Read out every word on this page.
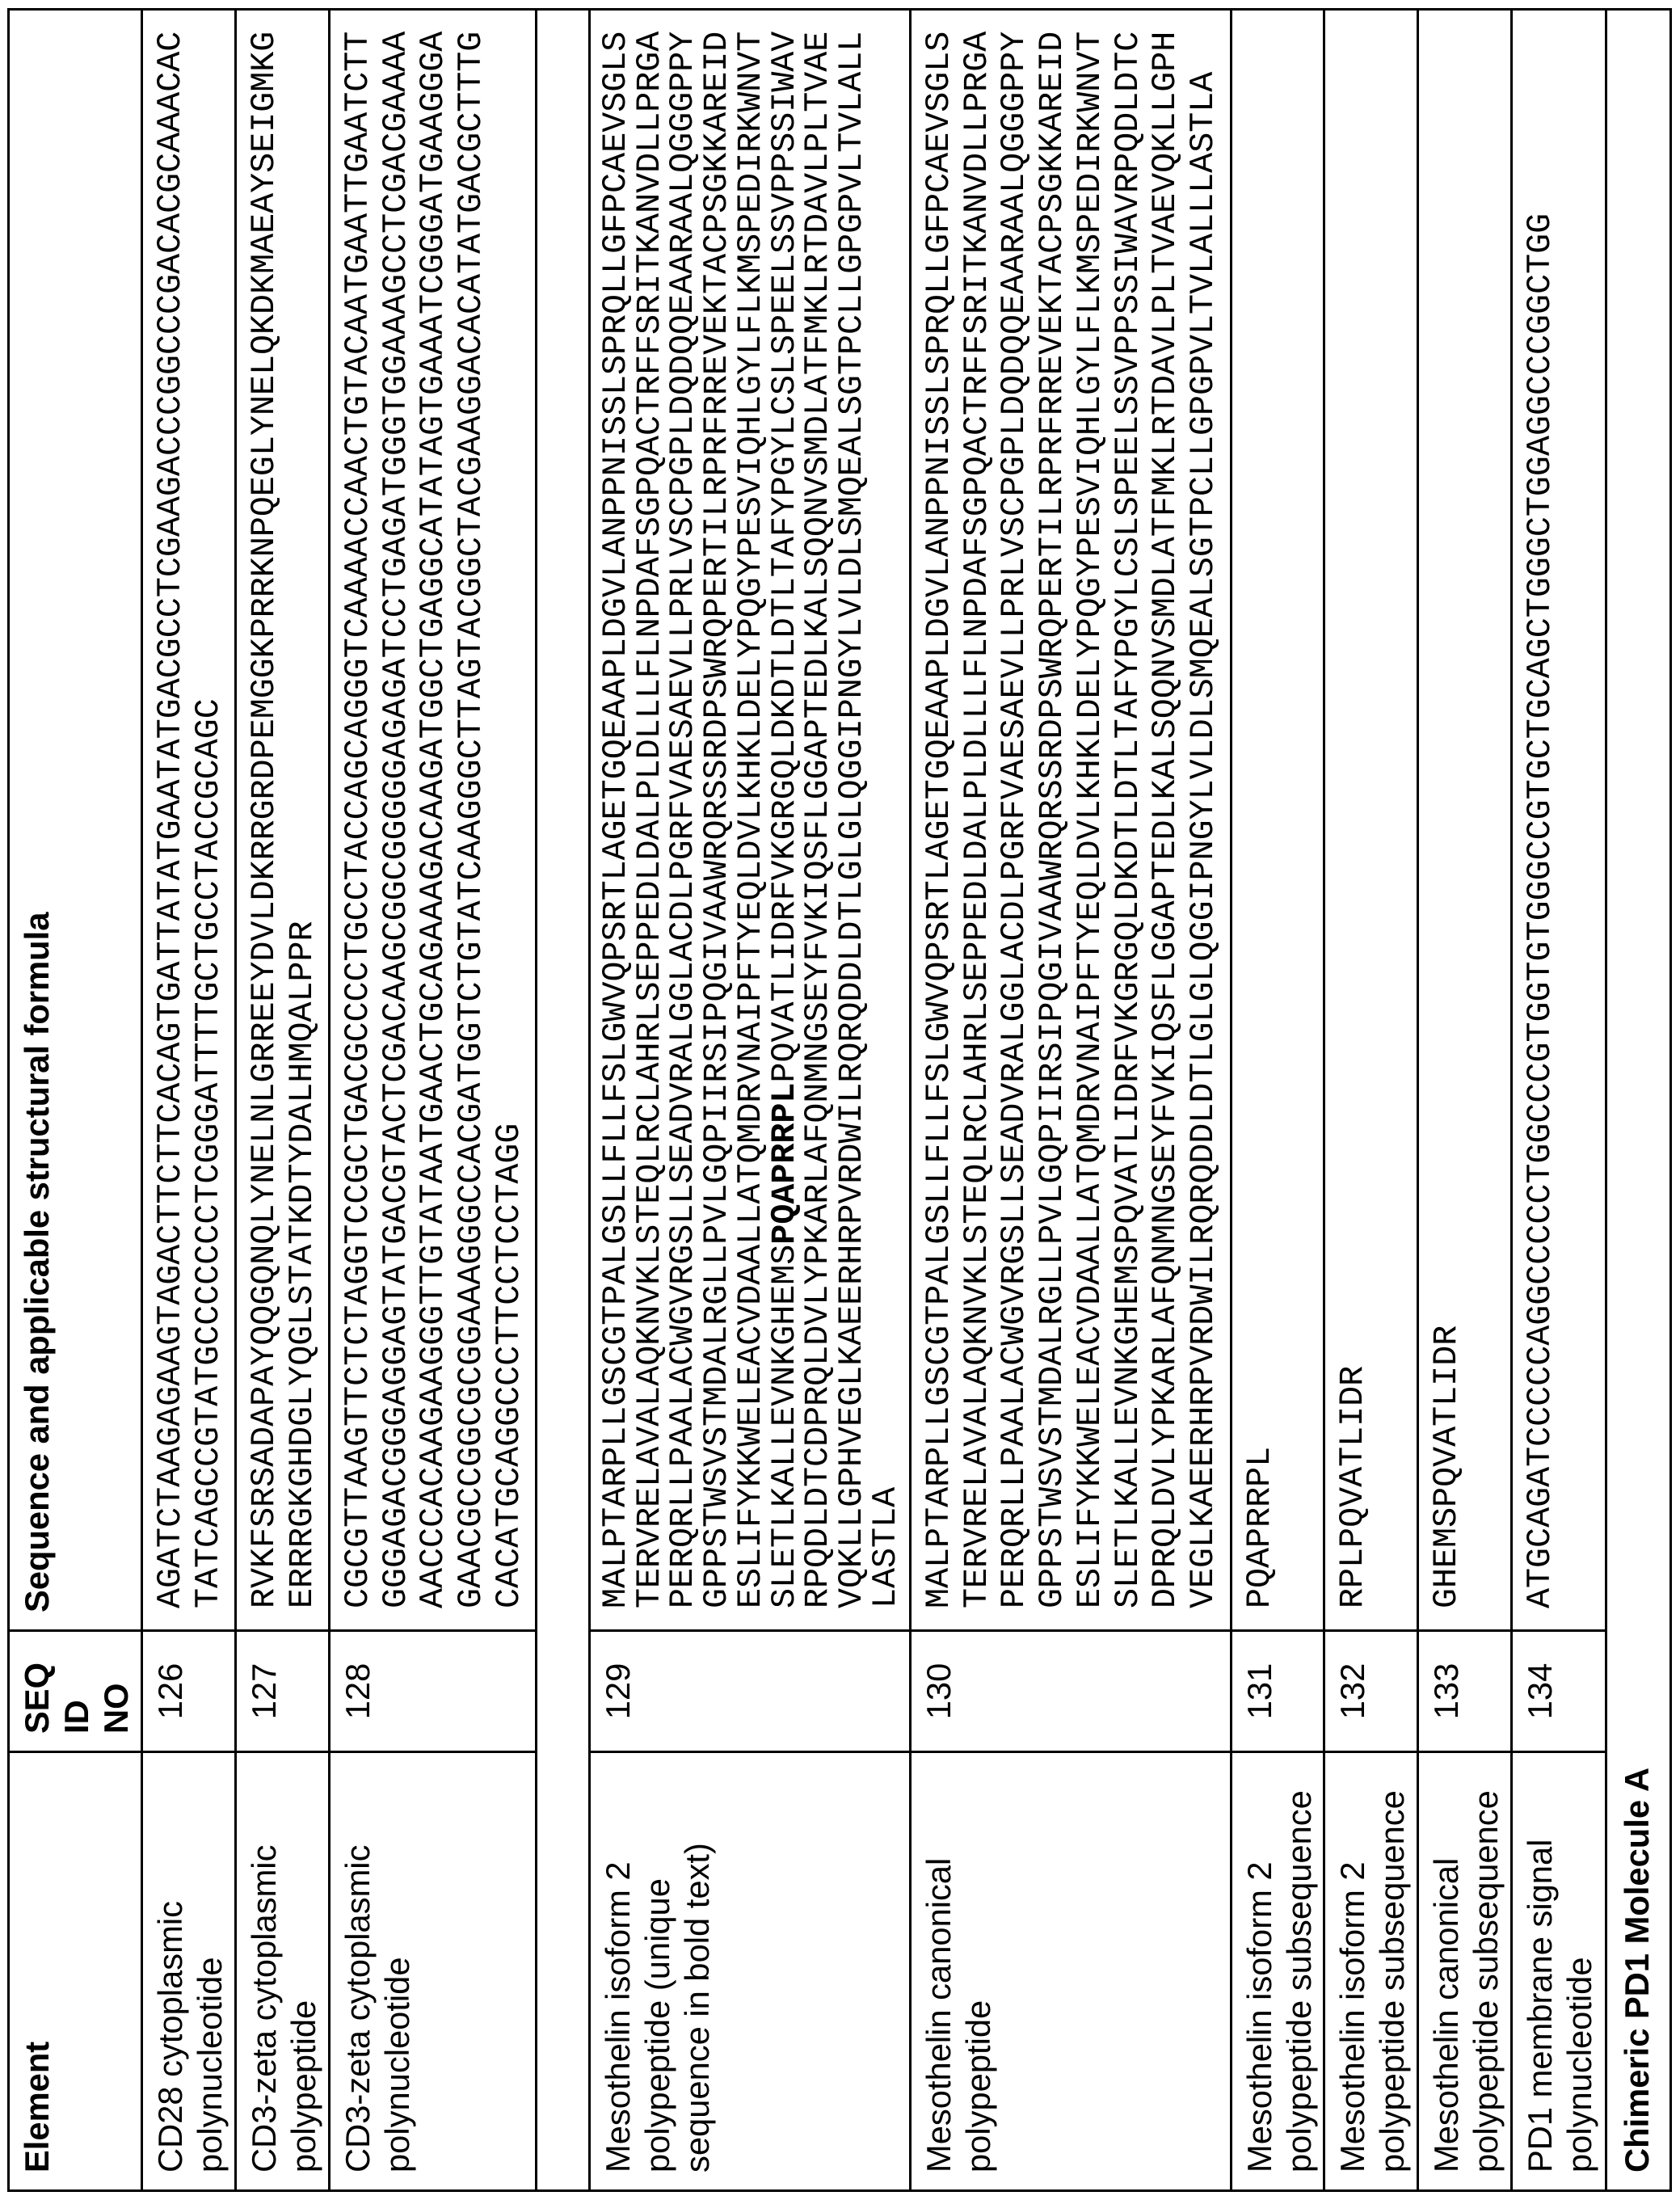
Element
SEQ
ID
NO
Sequence and applicable structural formula
CD28 cytoplasmic
polynucleotide
126
AGATCTAAGAGAAGTAGACTTCTTCACAGTGATTATATGAATATGACGCCTCGAAGACCCGGCCCGACACGCAAACAC
TATCAGCCGTATGCCCCCCCTCGGGATTTTGCTGCCTACCGCAGC
CD3-zeta cytoplasmic
polypeptide
127
RVKFSRSADAPAYQQGQNQLYNELNLGRREEYDVLDKRRGRDPEMGGKPRRKNPQEGLYNELQKDKMAEAYSEIGMKG
ERRRGKGHDGLYQGLSTATKDTYDALHMQALPPR
CD3-zeta cytoplasmic
polynucleotide
128
CGCGTTAAGTTCTCTAGGTCCGCTGACGCCCCTGCCTACCAGCAGGGTCAAAACCAACTGTACAATGAATTGAATCTT
GGGAGACGGGAGGAGTATGACGTACTCGACAAGCGGCGGGGGAGAGATCCTGAGATGGGTGGAAAGCCTCGACGAAAA
AACCCACAAGAAGGGTTGTATAATGAACTGCAGAAAGACAAGATGGCTGAGGCATATAGTGAAATCGGGATGAAGGGA
GAACGCCGGCGCGGAAAGGGCCACGATGGTCTGTATCAAGGGCTTAGTACGGCTACGAAGGACACATATGACGCTTTG
CACATGCAGGCCCTTCCTCCTAGG
Mesothelin isoform 2
polypeptide (unique
sequence in bold text)
129
MALPTARPLLGSCGTPALGSLLFLLFSLGWVQPSRTLAGETGQEAAPLDGVLANPPNISSLSPRQLLGFPCAEVSGLS
TERVRELAVALAQKNVKLSTEQLRCLAHRLSEPPEDLDALPLDLLLFLNPDAFSGPQACTRFFSRITKANVDLLPRGA
PERQRLLPAALACWGVRGSLLSEADVRALGGLACDLPGRFVAESAEVLLPRLVSCPGPLDQDQQEAARAALQGGGPPY
GPPSTWSVSTMDALRGLLPVLGQPIIRSIPQGIVAAWRQRSSRDPSWRQPERTILRPRFRREVEKTACPSGKKAREID
ESLIFYKKWELEACVDAALLATQMDRVNAIPFTYEQLDVLKHKLDELYPQGYPESVIQHLGYLFLKMSPEDIRKWNVT
SLETLKALLEVNKGHEMSPQAPRRPLPQVATLIDRFVKGRGQLDKDTLDTLTAFYPGYLCSLSPEELSSVPPSSIWAV
RPQDLDTCDPRQLDVLYPKARLAFQNMNGSEYFVKIQSFLGGAPTEDLKALSQQNVSMDLATFMKLRTDAVLPLTVAE
VQKLLGPHVEGLKAEERHRPVRDWILRQRQDDLDTLGLGLQGGIPNGYLVLDLSMQEALSGTPCLLGPGPVLTVLALL
LASTLA
Mesothelin canonical
polypeptide
130
MALPTARPLLGSCGTPALGSLLFLLFSLGWVQPSRTLAGETGQEAAPLDGVLANPPNISSLSPRQLLGFPCAEVSGLS
TERVRELAVALAQKNVKLSTEQLRCLAHRLSEPPEDLDALPLDLLLFLNPDAFSGPQACTRFFSRITKANVDLLPRGA
PERQRLLPAALACWGVRGSLLSEADVRALGGLACDLPGRFVAESAEVLLPRLVSCPGPLDQDQQEAARAALQGGGPPY
GPPSTWSVSTMDALRGLLPVLGQPIIRSIPQGIVAAWRQRSSRDPSWRQPERTILRPRFRREVEKTACPSGKKAREID
ESLIFYKKWELEACVDAALLATQMDRVNAIPFTYEQLDVLKHKLDELYPQGYPESVIQHLGYLFLKMSPEDIRKWNVT
SLETLKALLEVNKGHEMSPQVATLIDRFVKGRGQLDKDTLDTLTAFYPGYLCSLSPEELSSVPPSSIWAVRPQDLDTC
DPRQLDVLYPKARLAFQNMNGSEYFVKIQSFLGGAPTEDLKALSQQNVSMDLATFMKLRTDAVLPLTVAEVQKLLGPH
VEGLKAEERHRPVRDWILRQRQDDLDTLGLGLQGGIPNGYLVLDLSMQEALSGTPCLLGPGPVLTVLALLLASTLA
Mesothelin isoform 2
polypeptide subsequence
131
PQAPRRPL
Mesothelin isoform 2
polypeptide subsequence
132
RPLPQVATLIDR
Mesothelin canonical
polypeptide subsequence
133
GHEMSPQVATLIDR
PD1 membrane signal
polynucleotide
134
ATGCAGATCCCCCAGGCCCCCTGGCCCGTGGTGTGGGCCGTGCTGCAGCTGGGCTGGAGGCCCGGCTGG
Chimeric PD1 Molecule A
